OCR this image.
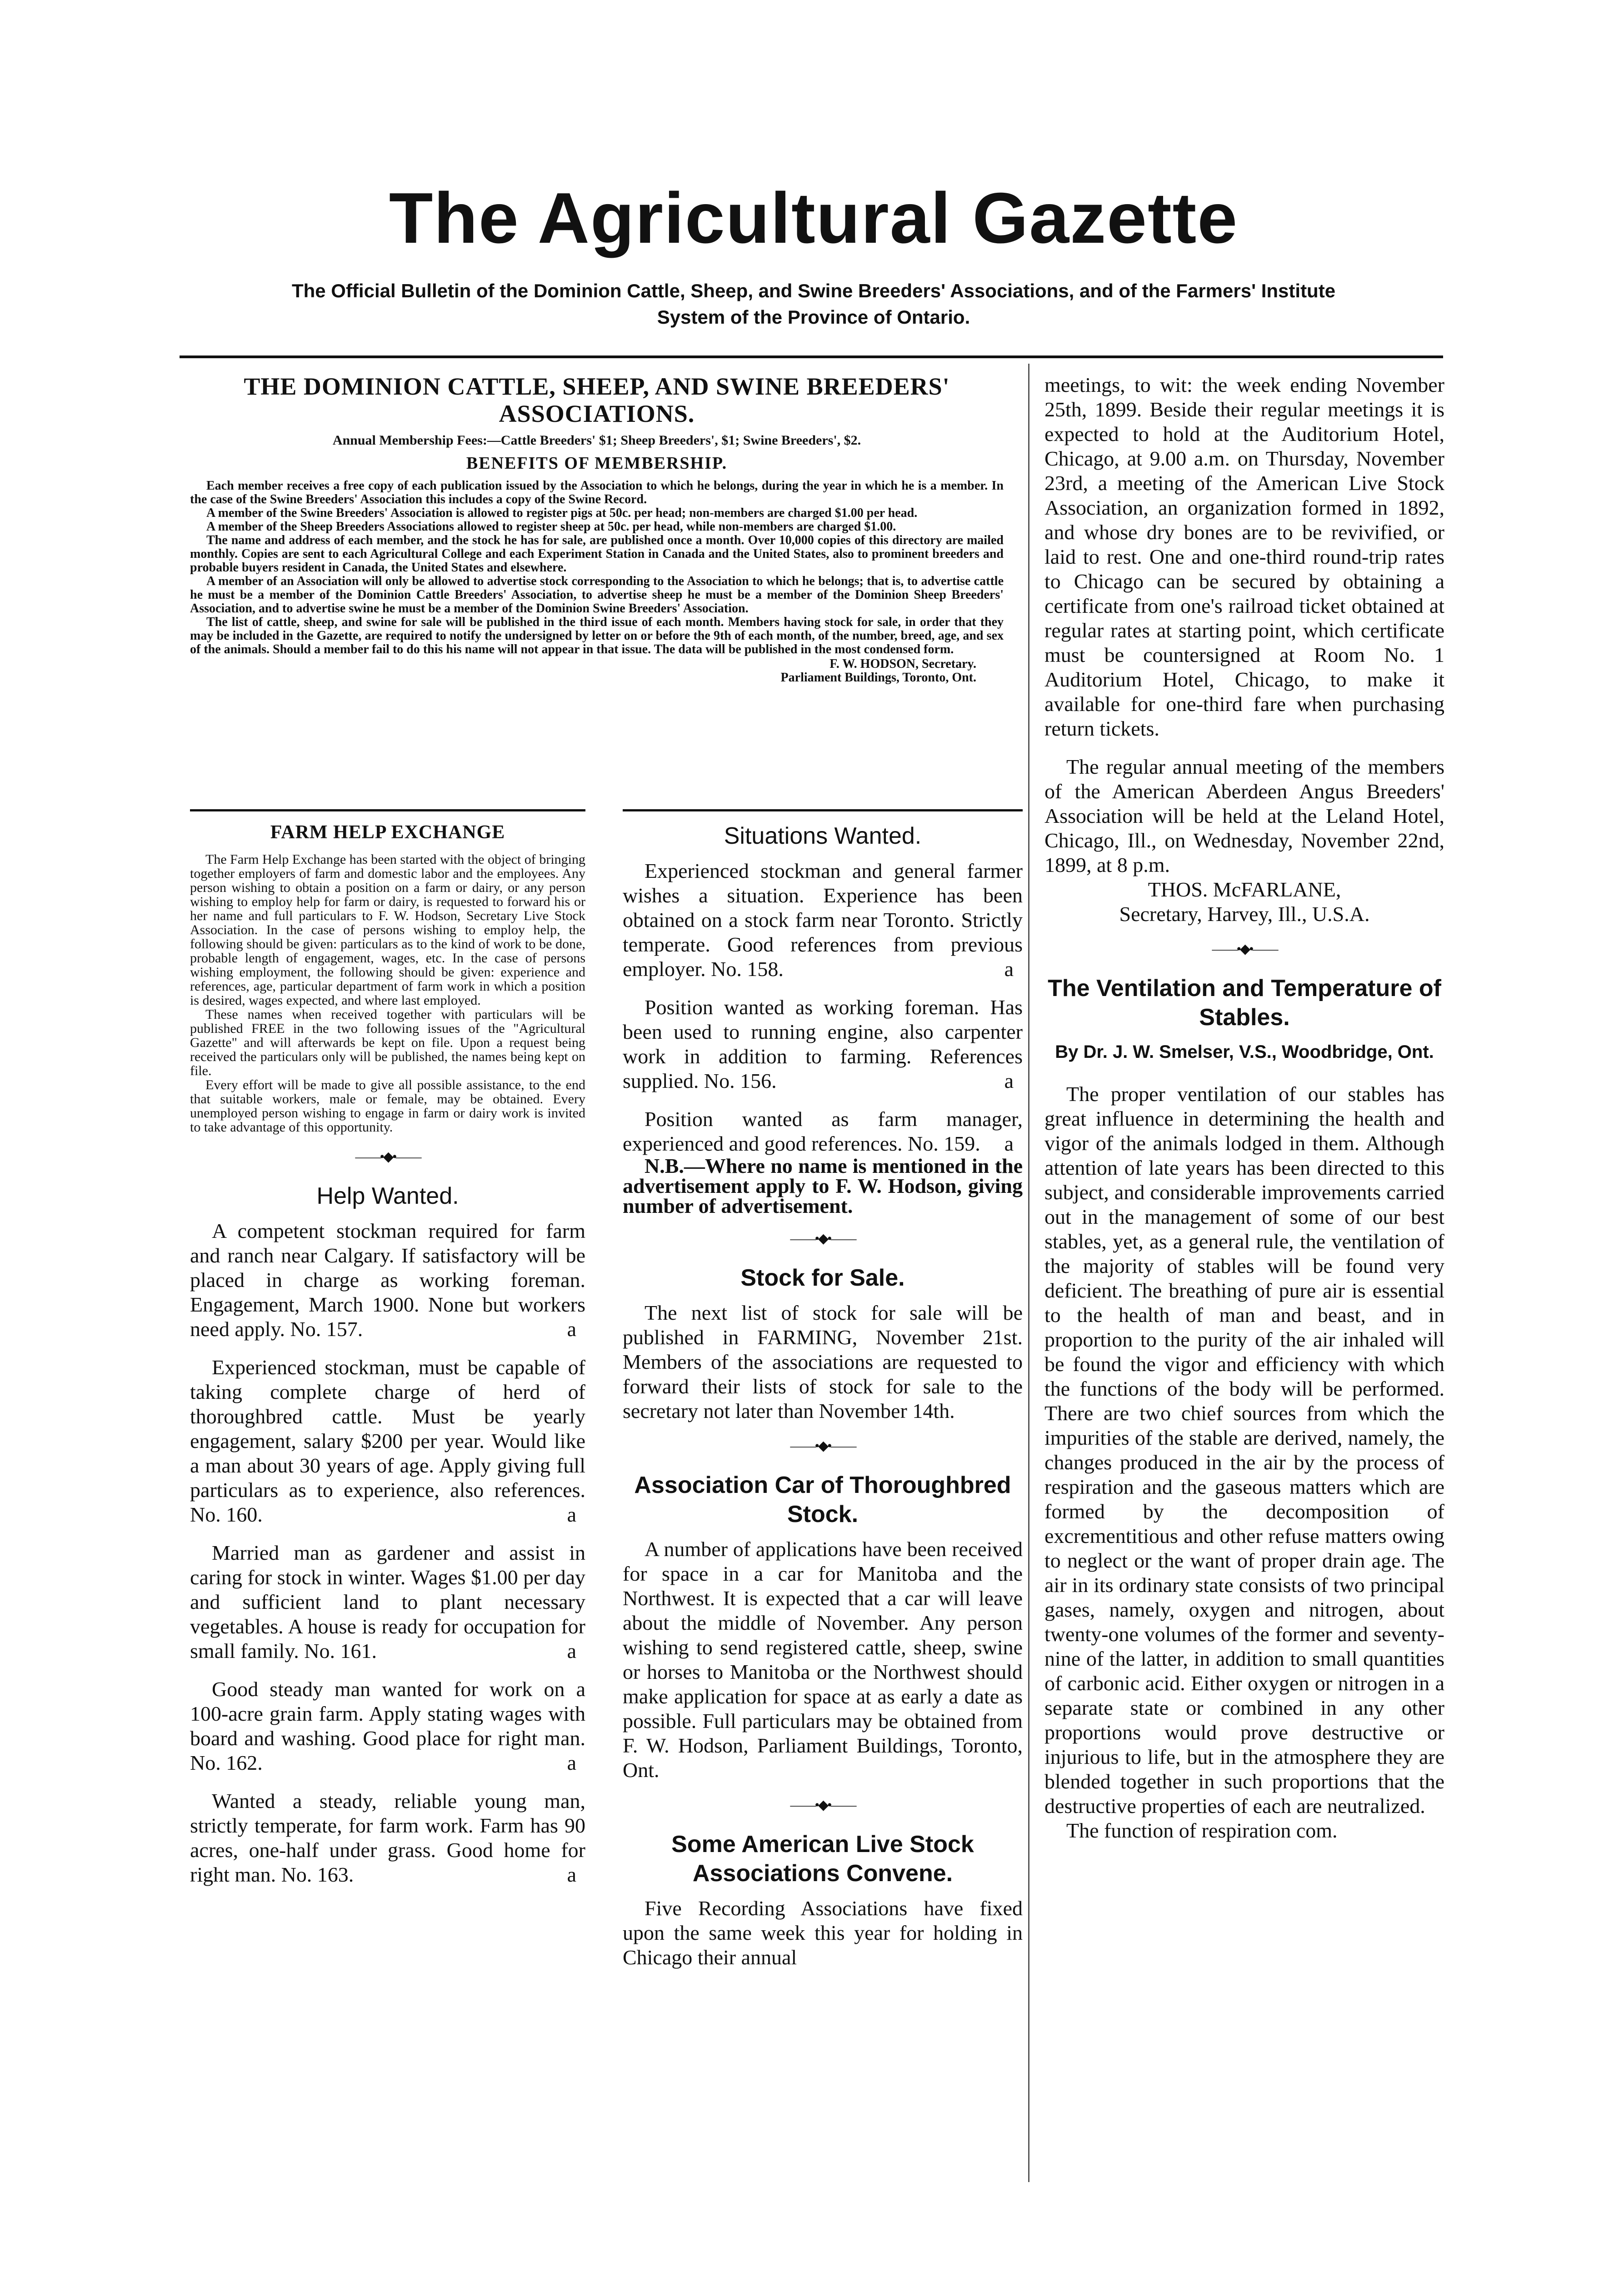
The Agricultural Gazette
The Official Bulletin of the Dominion Cattle, Sheep, and Swine Breeders' Associations, and of the Farmers' Institute System of the Province of Ontario.
THE DOMINION CATTLE, SHEEP, AND SWINE BREEDERS' ASSOCIATIONS.

Annual Membership Fees:—Cattle Breeders' $1; Sheep Breeders', $1; Swine Breeders', $2.

BENEFITS OF MEMBERSHIP.

Each member receives a free copy of each publication issued by the Association to which he belongs, during the year in which he is a member. In the case of the Swine Breeders' Association this includes a copy of the Swine Record.

A member of the Swine Breeders' Association is allowed to register pigs at 50c. per head; non-members are charged $1.00 per head.

A member of the Sheep Breeders Associations allowed to register sheep at 50c. per head, while non-members are charged $1.00.

The name and address of each member, and the stock he has for sale, are published once a month. Over 10,000 copies of this directory are mailed monthly. Copies are sent to each Agricultural College and each Experiment Station in Canada and the United States, also to prominent breeders and probable buyers resident in Canada, the United States and elsewhere.

A member of an Association will only be allowed to advertise stock corresponding to the Association to which he belongs; that is, to advertise cattle he must be a member of the Dominion Cattle Breeders' Association, to advertise sheep he must be a member of the Dominion Sheep Breeders' Association, and to advertise swine he must be a member of the Dominion Swine Breeders' Association.

The list of cattle, sheep, and swine for sale will be published in the third issue of each month. Members having stock for sale, in order that they may be included in the Gazette, are required to notify the undersigned by letter on or before the 9th of each month, of the number, breed, age, and sex of the animals. Should a member fail to do this his name will not appear in that issue. The data will be published in the most condensed form.

F. W. HODSON, Secretary.

Parliament Buildings, Toronto, Ont.

FARM HELP EXCHANGE

The Farm Help Exchange has been started with the object of bringing together employers of farm and domestic labor and the employees. Any person wishing to obtain a position on a farm or dairy, or any person wishing to employ help for farm or dairy, is requested to forward his or her name and full particulars to F. W. Hodson, Secretary Live Stock Association. In the case of persons wishing to employ help, the following should be given: particulars as to the kind of work to be done, probable length of engagement, wages, etc. In the case of persons wishing employment, the following should be given: experience and references, age, particular department of farm work in which a position is desired, wages expected, and where last employed.

These names when received together with particulars will be published FREE in the two following issues of the "Agricultural Gazette" and will afterwards be kept on file. Upon a request being received the particulars only will be published, the names being kept on file.

Every effort will be made to give all possible assistance, to the end that suitable workers, male or female, may be obtained. Every unemployed person wishing to engage in farm or dairy work is invited to take advantage of this opportunity.

——•◆•——
Help Wanted.

A competent stockman required for farm and ranch near Calgary. If satisfactory will be placed in charge as working foreman. Engagement, March 1900. None but workers need apply. No. 157.	a

Experienced stockman, must be capable of taking complete charge of herd of thoroughbred cattle. Must be yearly engagement, salary $200 per year. Would like a man about 30 years of age. Apply giving full particulars as to experience, also references. No. 160.	a

Married man as gardener and assist in caring for stock in winter. Wages $1.00 per day and sufficient land to plant necessary vegetables. A house is ready for occupation for small family. No. 161.	a

Good steady man wanted for work on a 100-acre grain farm. Apply stating wages with board and washing. Good place for right man. No. 162.	a

Wanted a steady, reliable young man, strictly temperate, for farm work. Farm has 90 acres, one-half under grass. Good home for right man. No. 163.	a

Situations Wanted.

Experienced stockman and general farmer wishes a situation. Experience has been obtained on a stock farm near Toronto. Strictly temperate. Good references from previous employer. No. 158.	a

Position wanted as working foreman. Has been used to running engine, also carpenter work in addition to farming. References supplied. No. 156.	a

Position wanted as farm manager, experienced and good references. No. 159.	a

N.B.—Where no name is mentioned in the advertisement apply to F. W. Hodson, giving number of advertisement.

——•◆•——
Stock for Sale.

The next list of stock for sale will be published in FARMING, November 21st. Members of the associations are requested to forward their lists of stock for sale to the secretary not later than November 14th.

——•◆•——
Association Car of Thoroughbred Stock.

A number of applications have been received for space in a car for Manitoba and the Northwest. It is expected that a car will leave about the middle of November. Any person wishing to send registered cattle, sheep, swine or horses to Manitoba or the Northwest should make application for space at as early a date as possible. Full particulars may be obtained from F. W. Hodson, Parliament Buildings, Toronto, Ont.

——•◆•——
Some American Live Stock Associations Convene.

Five Recording Associations have fixed upon the same week this year for holding in Chicago their annual

meetings, to wit: the week ending November 25th, 1899. Beside their regular meetings it is expected to hold at the Auditorium Hotel, Chicago, at 9.00 a.m. on Thursday, November 23rd, a meeting of the American Live Stock Association, an organization formed in 1892, and whose dry bones are to be revivified, or laid to rest. One and one-third round-trip rates to Chicago can be secured by obtaining a certificate from one's railroad ticket obtained at regular rates at starting point, which certificate must be countersigned at Room No. 1 Auditorium Hotel, Chicago, to make it available for one-third fare when purchasing return tickets.

The regular annual meeting of the members of the American Aberdeen Angus Breeders' Association will be held at the Leland Hotel, Chicago, Ill., on Wednesday, November 22nd, 1899, at 8 p.m.

THOS. McFARLANE,

Secretary, Harvey, Ill., U.S.A.

——•◆•——
The Ventilation and Temperature of Stables.

By Dr. J. W. Smelser, V.S., Woodbridge, Ont.

The proper ventilation of our stables has great influence in determining the health and vigor of the animals lodged in them. Although attention of late years has been directed to this subject, and considerable improvements carried out in the management of some of our best stables, yet, as a general rule, the ventilation of the majority of stables will be found very deficient. The breathing of pure air is essential to the health of man and beast, and in proportion to the purity of the air inhaled will be found the vigor and efficiency with which the functions of the body will be performed. There are two chief sources from which the impurities of the stable are derived, namely, the changes produced in the air by the process of respiration and the gaseous matters which are formed by the decomposition of excrementitious and other refuse matters owing to neglect or the want of proper drain age. The air in its ordinary state consists of two principal gases, namely, oxygen and nitrogen, about twenty-one volumes of the former and seventy-nine of the latter, in addition to small quantities of carbonic acid. Either oxygen or nitrogen in a separate state or combined in any other proportions would prove destructive or injurious to life, but in the atmosphere they are blended together in such proportions that the destructive properties of each are neutralized.

The function of respiration com.
